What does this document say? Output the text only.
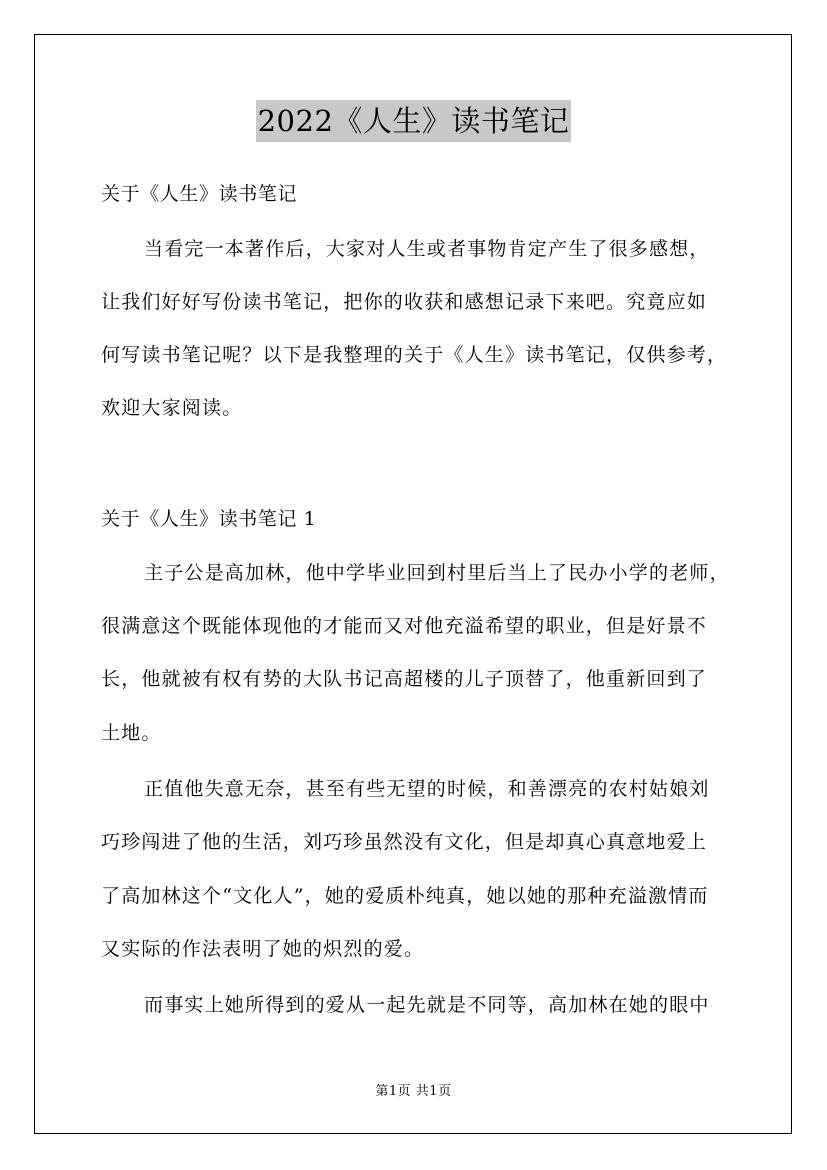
2022《人生》读书笔记
关于《人生》读书笔记
当看完一本著作后，大家对人生或者事物肯定产生了很多感想，
让我们好好写份读书笔记，把你的收获和感想记录下来吧。究竟应如
何写读书笔记呢？以下是我整理的关于《人生》读书笔记，仅供参考，
欢迎大家阅读。
关于《人生》读书笔记 1
主子公是高加林，他中学毕业回到村里后当上了民办小学的老师，
很满意这个既能体现他的才能而又对他充溢希望的职业，但是好景不
长，他就被有权有势的大队书记高超楼的儿子顶替了，他重新回到了
土地。
正值他失意无奈，甚至有些无望的时候，和善漂亮的农村姑娘刘
巧珍闯进了他的生活，刘巧珍虽然没有文化，但是却真心真意地爱上
了高加林这个“文化人”，她的爱质朴纯真，她以她的那种充溢激情而
又实际的作法表明了她的炽烈的爱。
而事实上她所得到的爱从一起先就是不同等，高加林在她的眼中
第1页 共1页
